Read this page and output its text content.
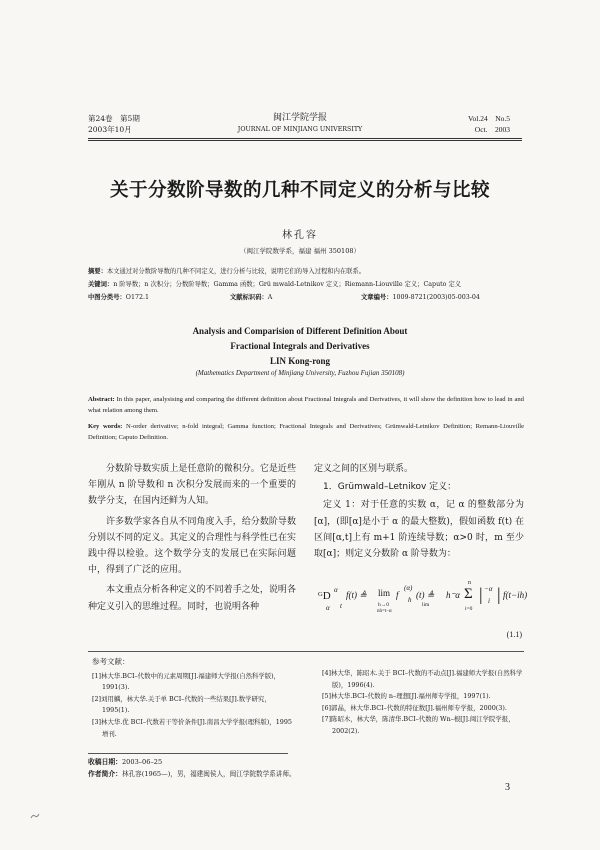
第24卷　第5期
2003年10月
闽江学院学报
JOURNAL OF MINJIANG UNIVERSITY
Vol.24　No.5
Oct.　2003
关于分数阶导数的几种不同定义的分析与比较
林孔容
（闽江学院数学系，福建 福州 350108）
摘要：本文通过对分数阶导数的几种不同定义，进行分析与比较，说明它们的导入过程和内在联系。
关键词：n 阶导数；n 次积分；分数阶导数；Gamma 函数；Grü mwald-Letnikov 定义；Riemann-Liouville 定义；Caputo 定义
中图分类号：O172.1	文献标识码：A	文章编号：1009-8721(2003)05-003-04
Analysis and Comparision of Different Definition About
Fractional Integrals and Derivatives
LIN Kong-rong
(Mathematics Department of Minjiang University, Fuzhou Fujian 350108)
Abstract: In this paper, analysising and comparing the different definition about Fractional Integrals and Derivatives, it will show the definition how to lead in and what relation among them.
Key words: N-order derivative; n-fold integral; Gamma function; Fractional Integrals and Derivatives; Grümwald-Letnikov Definition; Remann-Liouville Definition; Caputo Definition.
分数阶导数实质上是任意阶的微积分。它是近些年刚从 n 阶导数和 n 次积分发展而来的一个重要的数学分支，在国内还鲜为人知。
许多数学家各自从不同角度入手，给分数阶导数分别以不同的定义。其定义的合理性与科学性已在实践中得以检验。这个数学分支的发展已在实际问题中，得到了广泛的应用。
本文重点分析各种定义的不同着手之处，说明各种定义引入的思维过程。同时，也说明各种
定义之间的区别与联系。
1．Grümwald–Letnikov 定义：
定义 1：对于任意的实数 α，记 α 的整数部分为[α]，(即[α]是小于 α 的最大整数)，假如函数 f(t) 在区间[α,t]上有 m+1 阶连续导数；α>0 时，m 至少取[α]；则定义分数阶 α 阶导数为：
ᴳD α
α t
f(t) ≜ lim
h→0
nh=t−α
f
(α)
h (t) ≜
lim
h⁻α
n
Σ
i=0
| −α
i | f(t−ih)
(1.1)
参考文献：
[1]林大华.BCI–代数中的元素周期[J].福建师大学报(自然科学版)，1991(3).
[2]刘用麟，林大华.关于单 BCI–代数的一些结果[J].数学研究，1995(1).
[3]林大华.优 BCI–代数若干等价条件[J].南昌大学学报(理科版)，1995 增刊.
[4]林大华，陈昭木.关于 BCI–代数的不动点[J].福建师大学报(自然科学版)，1996(4).
[5]林大华.BCI–代数的 n–理想[J].福州师专学报，1997(1).
[6]郭晶，林大华.BCI–代数的特征数[J].福州师专学报，2000(3).
[7]陈昭木，林大华，陈清华.BCI–代数的 Wn–根[J].闽江学院学报，2002(2).
收稿日期：2003–06–25
作者简介：林孔容(1965—)，男，福建闽侯人，闽江学院数学系讲师。
3
